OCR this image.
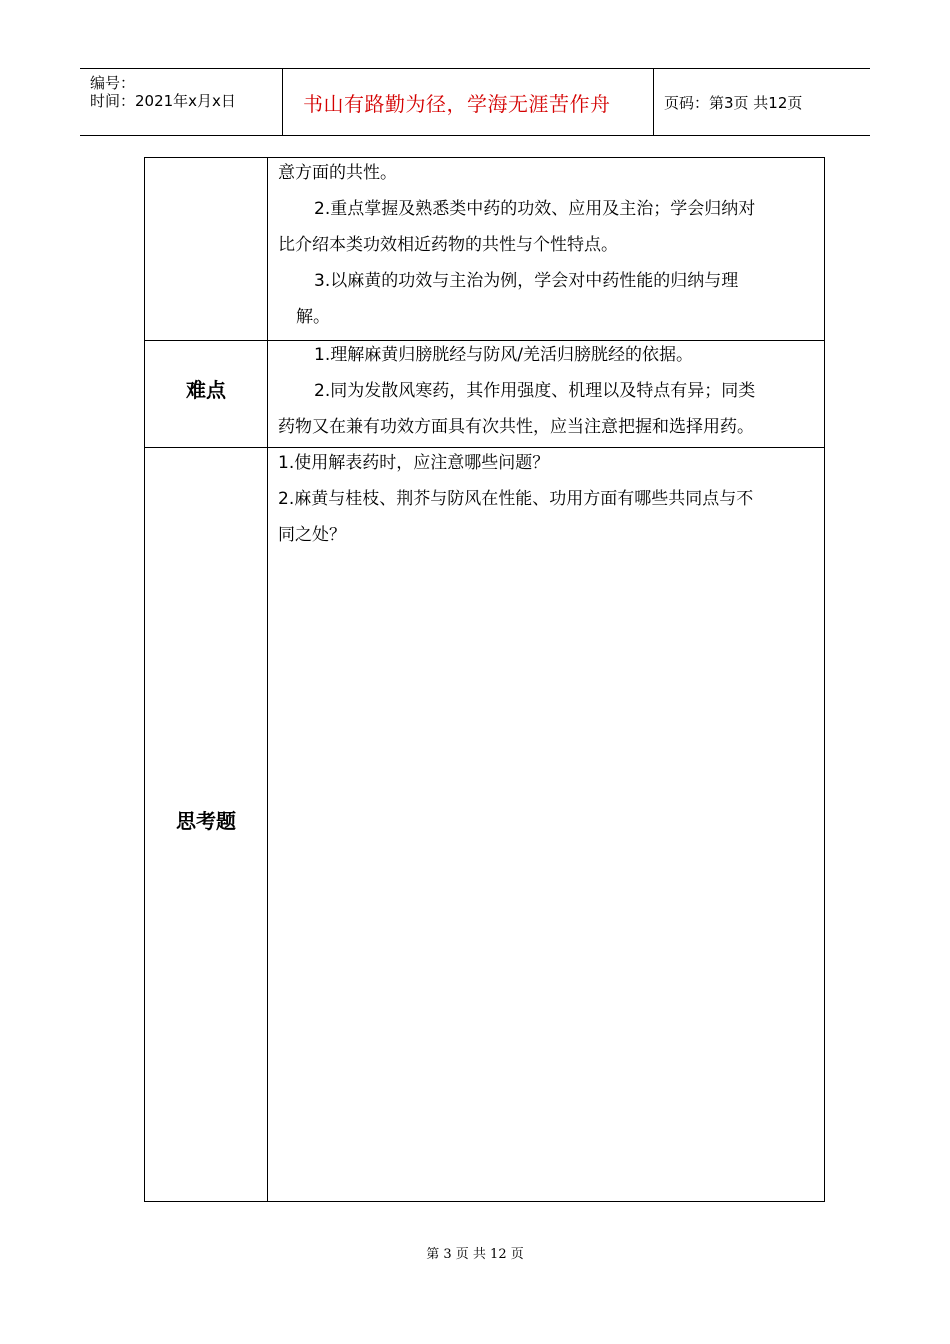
编号：
时间：2021年x月x日	书山有路勤为径，学海无涯苦作舟	页码：第3页 共12页
意方面的共性。
2.重点掌握及熟悉类中药的功效、应用及主治；学会归纳对
比介绍本类功效相近药物的共性与个性特点。
3.以麻黄的功效与主治为例，学会对中药性能的归纳与理
解。
难点
1.理解麻黄归膀胱经与防风/羌活归膀胱经的依据。
2.同为发散风寒药，其作用强度、机理以及特点有异；同类
药物又在兼有功效方面具有次共性，应当注意把握和选择用药。
思考题
1.使用解表药时，应注意哪些问题？
2.麻黄与桂枝、荆芥与防风在性能、功用方面有哪些共同点与不
同之处？
第 3 页 共 12 页
